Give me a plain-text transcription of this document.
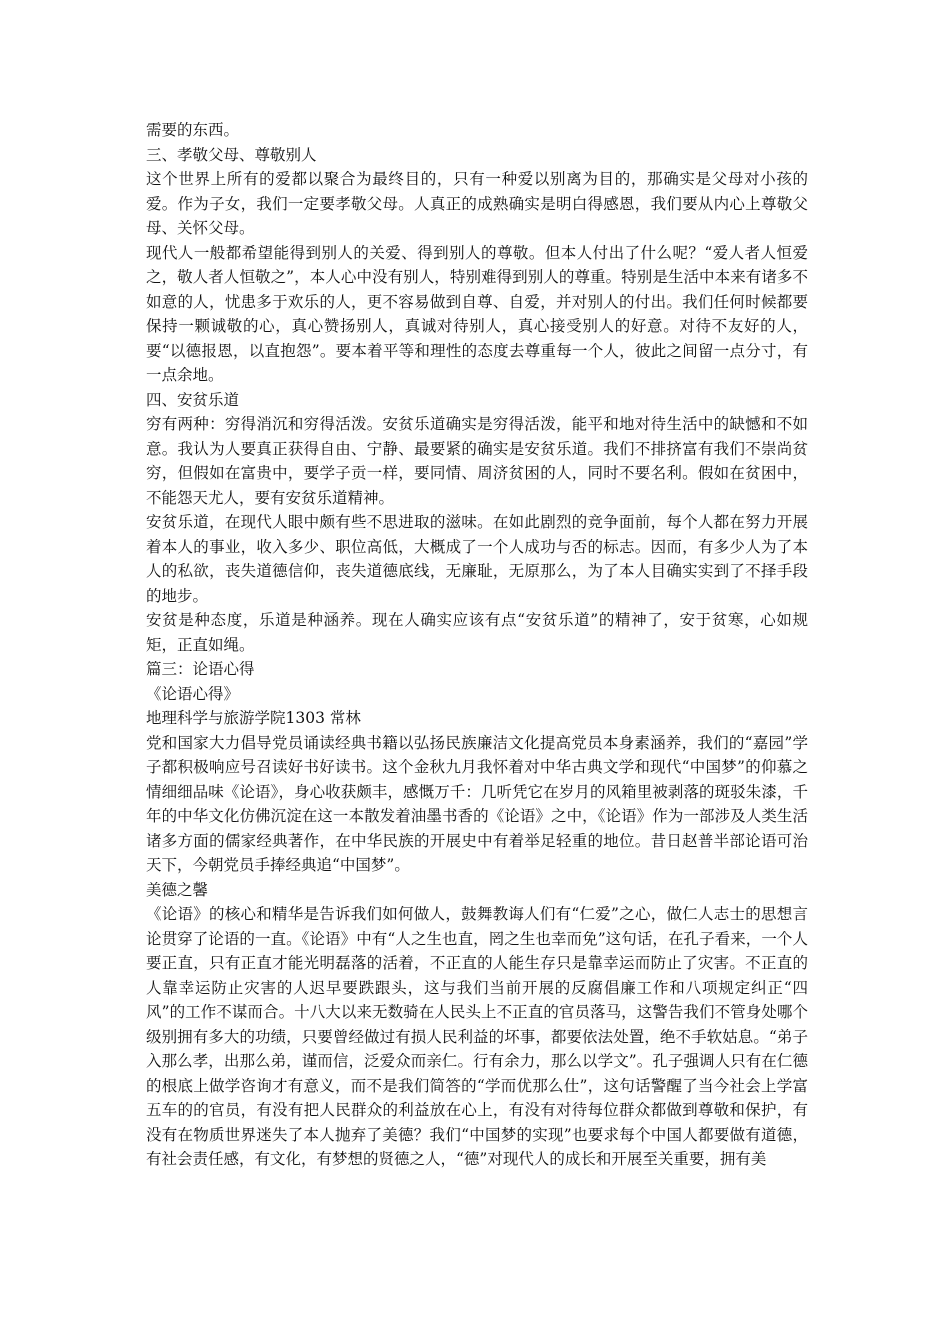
需要的东西。

三、孝敬父母、尊敬别人

这个世界上所有的爱都以聚合为最终目的，只有一种爱以别离为目的，那确实是父母对小孩的爱。作为子女，我们一定要孝敬父母。人真正的成熟确实是明白得感恩，我们要从内心上尊敬父母、关怀父母。

现代人一般都希望能得到别人的关爱、得到别人的尊敬。但本人付出了什么呢？“爱人者人恒爱之，敬人者人恒敬之”，本人心中没有别人，特别难得到别人的尊重。特别是生活中本来有诸多不如意的人，忧患多于欢乐的人，更不容易做到自尊、自爱，并对别人的付出。我们任何时候都要保持一颗诚敬的心，真心赞扬别人，真诚对待别人，真心接受别人的好意。对待不友好的人，要“以德报恩，以直抱怨”。要本着平等和理性的态度去尊重每一个人，彼此之间留一点分寸，有一点余地。

四、安贫乐道

穷有两种：穷得消沉和穷得活泼。安贫乐道确实是穷得活泼，能平和地对待生活中的缺憾和不如意。我认为人要真正获得自由、宁静、最要紧的确实是安贫乐道。我们不排挤富有我们不崇尚贫穷，但假如在富贵中，要学子贡一样，要同情、周济贫困的人，同时不要名利。假如在贫困中，不能怨天尤人，要有安贫乐道精神。

安贫乐道，在现代人眼中颇有些不思进取的滋味。在如此剧烈的竞争面前，每个人都在努力开展着本人的事业，收入多少、职位高低，大概成了一个人成功与否的标志。因而，有多少人为了本人的私欲，丧失道德信仰，丧失道德底线，无廉耻，无原那么，为了本人目确实实到了不择手段的地步。

安贫是种态度，乐道是种涵养。现在人确实应该有点“安贫乐道”的精神了，安于贫寒，心如规矩，正直如绳。

篇三：论语心得

《论语心得》

地理科学与旅游学院1303 常林

党和国家大力倡导党员诵读经典书籍以弘扬民族廉洁文化提高党员本身素涵养，我们的“嘉园”学子都积极响应号召读好书好读书。这个金秋九月我怀着对中华古典文学和现代“中国梦”的仰慕之情细细品味《论语》，身心收获颇丰，感慨万千：几听凭它在岁月的风箱里被剥落的斑驳朱漆，千年的中华文化仿佛沉淀在这一本散发着油墨书香的《论语》之中，《论语》作为一部涉及人类生活诸多方面的儒家经典著作，在中华民族的开展史中有着举足轻重的地位。昔日赵普半部论语可治天下，今朝党员手捧经典追“中国梦”。

美德之馨

《论语》的核心和精华是告诉我们如何做人，鼓舞教诲人们有“仁爱”之心，做仁人志士的思想言论贯穿了论语的一直。《论语》中有“人之生也直，罔之生也幸而免”这句话，在孔子看来，一个人要正直，只有正直才能光明磊落的活着，不正直的人能生存只是靠幸运而防止了灾害。不正直的人靠幸运防止灾害的人迟早要跌跟头，这与我们当前开展的反腐倡廉工作和八项规定纠正“四风”的工作不谋而合。十八大以来无数骑在人民头上不正直的官员落马，这警告我们不管身处哪个级别拥有多大的功绩，只要曾经做过有损人民利益的坏事，都要依法处置，绝不手软姑息。“弟子入那么孝，出那么弟，谨而信，泛爱众而亲仁。行有余力，那么以学文”。孔子强调人只有在仁德的根底上做学咨询才有意义，而不是我们简答的“学而优那么仕”，这句话警醒了当今社会上学富五车的的官员，有没有把人民群众的利益放在心上，有没有对待每位群众都做到尊敬和保护，有没有在物质世界迷失了本人抛弃了美德？我们“中国梦的实现”也要求每个中国人都要做有道德，有社会责任感，有文化，有梦想的贤德之人，“德”对现代人的成长和开展至关重要，拥有美
